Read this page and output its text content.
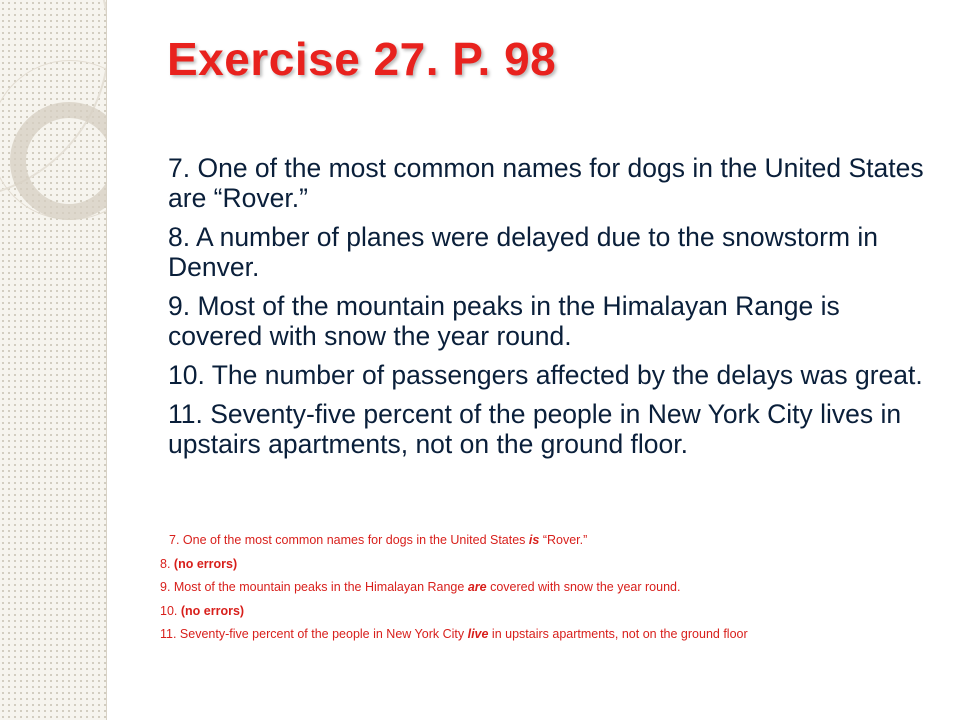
Exercise 27. P. 98
7. One of the most common names for dogs in the United States are “Rover.”
8. A number of planes were delayed due to the snowstorm in Denver.
9. Most of the mountain peaks in the Himalayan Range is covered with snow the year round.
10. The number of passengers affected by the delays was great.
11. Seventy-five percent of the people in New York City lives in upstairs apartments, not on the ground floor.
7. One of the most common names for dogs in the United States is “Rover.”
8. (no errors)
9. Most of the mountain peaks in the Himalayan Range are covered with snow the year round.
10. (no errors)
11. Seventy-five percent of the people in New York City live in upstairs apartments, not on the ground floor
